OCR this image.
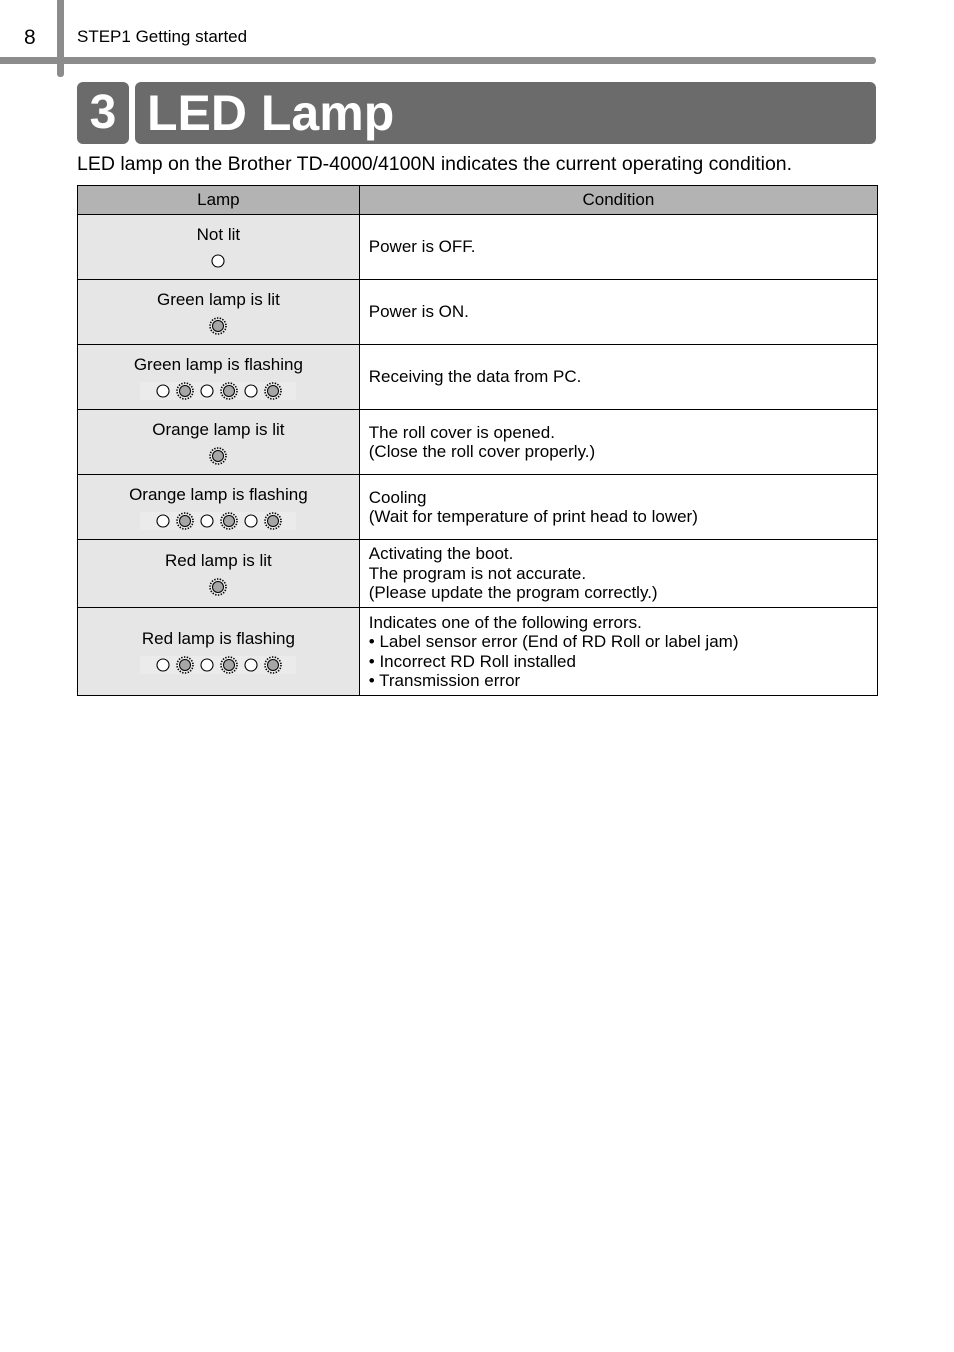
8 STEP1 Getting started
3 LED Lamp
LED lamp on the Brother TD-4000/4100N indicates the current operating condition.
Lamp	Condition

Not lit	Power is OFF.

Green lamp is lit	Power is ON.

Green lamp is flashing	Receiving the data from PC.

Orange lamp is lit	The roll cover is opened.
(Close the roll cover properly.)

Orange lamp is flashing	Cooling
(Wait for temperature of print head to lower)

Red lamp is lit	Activating the boot.
The program is not accurate.
(Please update the program correctly.)

Red lamp is flashing	Indicates one of the following errors.
• Label sensor error (End of RD Roll or label jam)
• Incorrect RD Roll installed
• Transmission error
